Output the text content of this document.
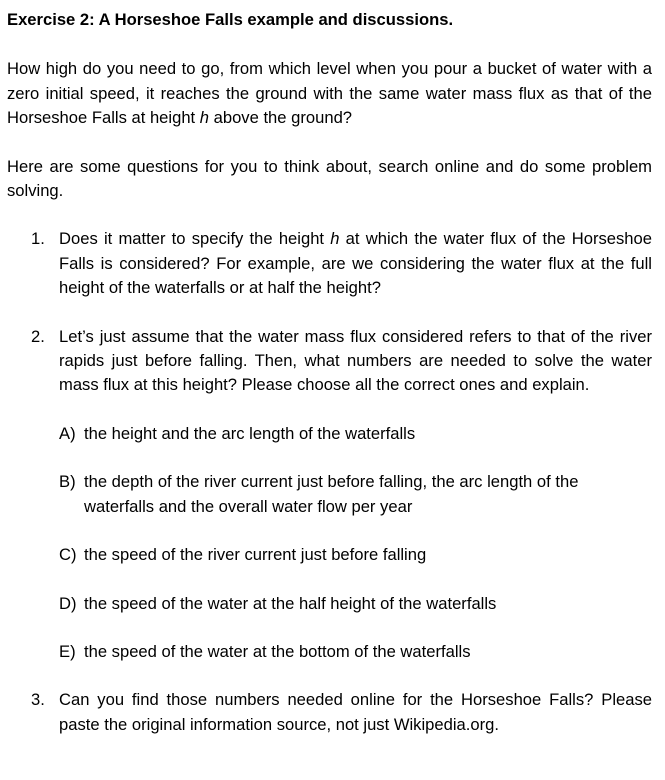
Exercise 2: A Horseshoe Falls example and discussions.

How high do you need to go, from which level when you pour a bucket of water with a zero initial speed, it reaches the ground with the same water mass flux as that of the Horseshoe Falls at height h above the ground?

Here are some questions for you to think about, search online and do some problem solving.

1. Does it matter to specify the height h at which the water flux of the Horseshoe Falls is considered? For example, are we considering the water flux at the full height of the waterfalls or at half the height?
2. Let’s just assume that the water mass flux considered refers to that of the river rapids just before falling. Then, what numbers are needed to solve the water mass flux at this height? Please choose all the correct ones and explain.
A) the height and the arc length of the waterfalls
B) the depth of the river current just before falling, the arc length of the waterfalls and the overall water flow per year
C) the speed of the river current just before falling
D) the speed of the water at the half height of the waterfalls
E) the speed of the water at the bottom of the waterfalls
3. Can you find those numbers needed online for the Horseshoe Falls? Please paste the original information source, not just Wikipedia.org.
